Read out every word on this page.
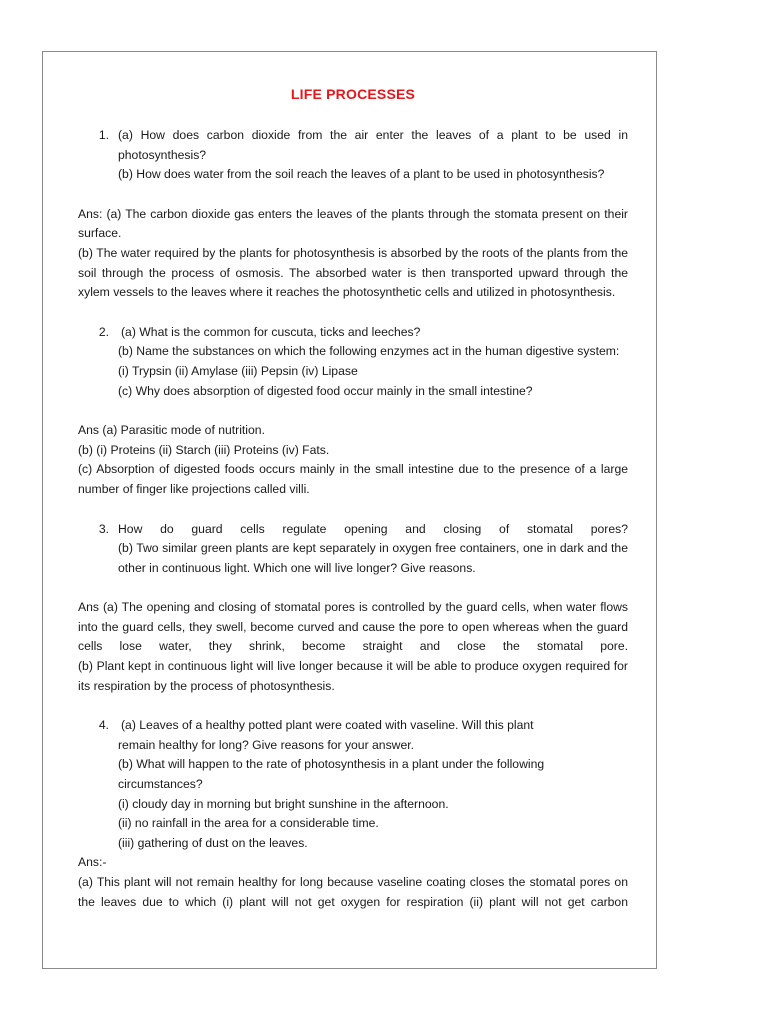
LIFE PROCESSES
1. (a) How does carbon dioxide from the air enter the leaves of a plant to be used in photosynthesis?
(b) How does water from the soil reach the leaves of a plant to be used in photosynthesis?
Ans: (a) The carbon dioxide gas enters the leaves of the plants through the stomata present on their surface.
(b) The water required by the plants for photosynthesis is absorbed by the roots of the plants from the soil through the process of osmosis. The absorbed water is then transported upward through the xylem vessels to the leaves where it reaches the photosynthetic cells and utilized in photosynthesis.
2. (a) What is the common for cuscuta, ticks and leeches?
(b) Name the substances on which the following enzymes act in the human digestive system:
(i) Trypsin (ii) Amylase (iii) Pepsin (iv) Lipase
(c) Why does absorption of digested food occur mainly in the small intestine?
Ans (a) Parasitic mode of nutrition.
(b) (i) Proteins (ii) Starch (iii) Proteins (iv) Fats.
(c) Absorption of digested foods occurs mainly in the small intestine due to the presence of a large number of finger like projections called villi.
3. How do guard cells regulate opening and closing of stomatal pores?
(b) Two similar green plants are kept separately in oxygen free containers, one in dark and the other in continuous light. Which one will live longer? Give reasons.
Ans (a) The opening and closing of stomatal pores is controlled by the guard cells, when water flows into the guard cells, they swell, become curved and cause the pore to open whereas when the guard cells lose water, they shrink, become straight and close the stomatal pore.
(b) Plant kept in continuous light will live longer because it will be able to produce oxygen required for its respiration by the process of photosynthesis.
4. (a) Leaves of a healthy potted plant were coated with vaseline. Will this plant remain healthy for long? Give reasons for your answer.
(b) What will happen to the rate of photosynthesis in a plant under the following circumstances?
(i) cloudy day in morning but bright sunshine in the afternoon.
(ii) no rainfall in the area for a considerable time.
(iii) gathering of dust on the leaves.
Ans:-
(a) This plant will not remain healthy for long because vaseline coating closes the stomatal pores on the leaves due to which (i) plant will not get oxygen for respiration (ii) plant will not get carbon
